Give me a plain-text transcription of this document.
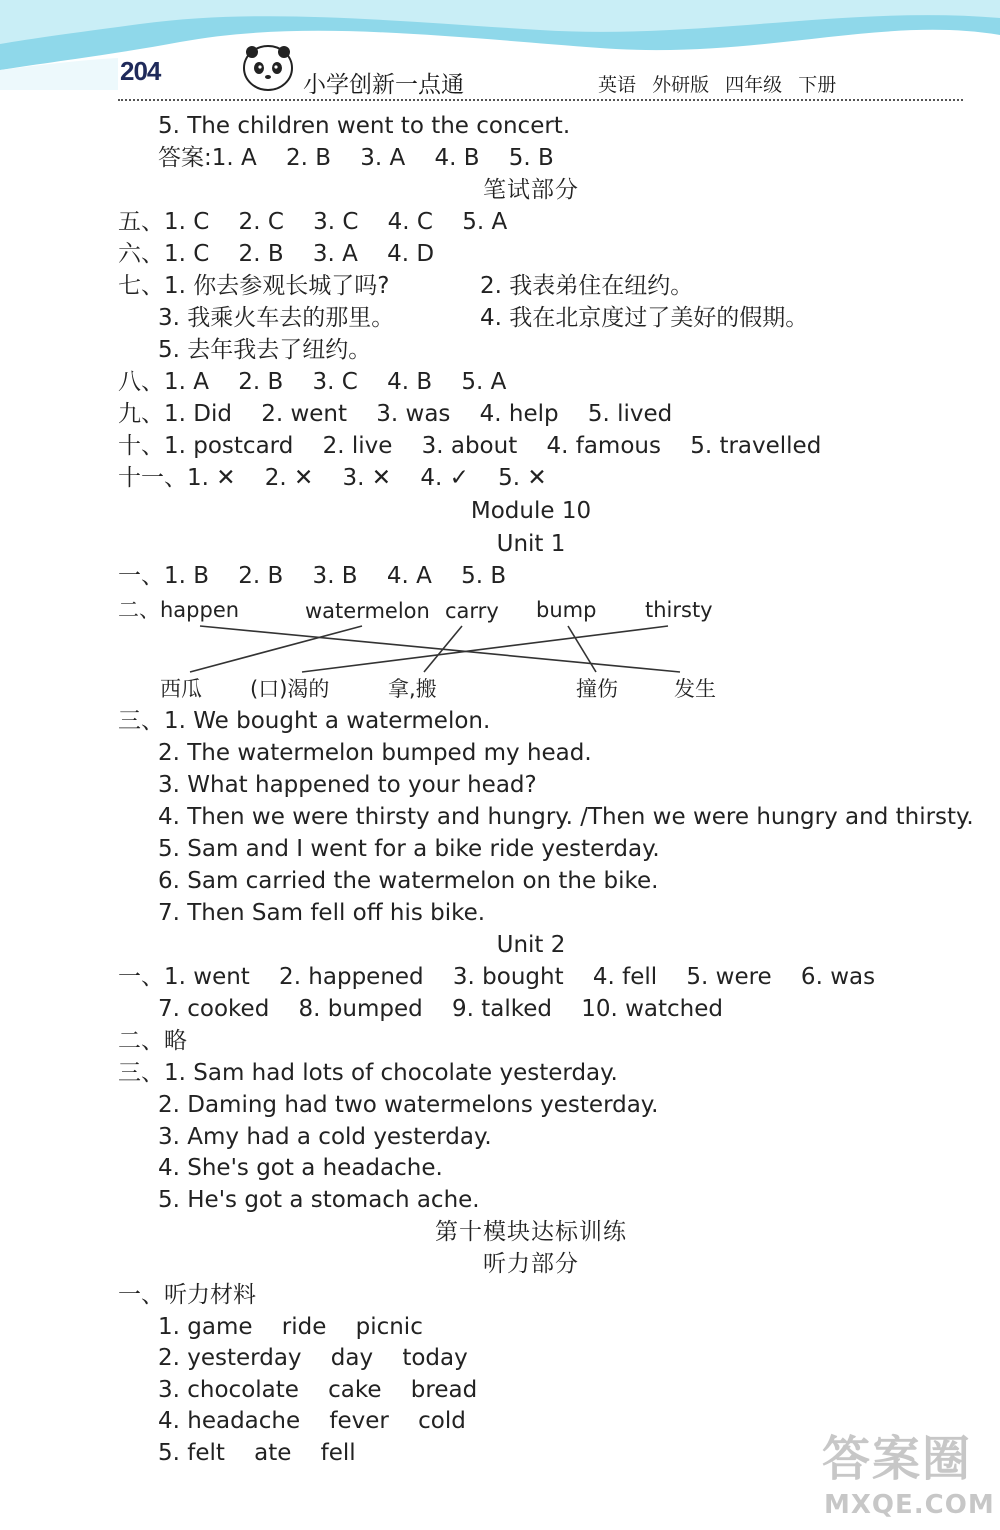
204	小学创新一点通	英语 外研版 四年级 下册
5. The children went to the concert.
答案:1. A    2. B    3. A    4. B    5. B
笔试部分
五、1. C    2. C    3. C    4. C    5. A
六、1. C    2. B    3. A    4. D
七、1. 你去参观长城了吗?	2. 我表弟住在纽约。
3. 我乘火车去的那里。	4. 我在北京度过了美好的假期。
5. 去年我去了纽约。
八、1. A    2. B    3. C    4. B    5. A
九、1. Did    2. went    3. was    4. help    5. lived
十、1. postcard    2. live    3. about    4. famous    5. travelled
十一、1. ✕    2. ✕    3. ✕    4. ✓    5. ✕
Module 10
Unit 1
一、1. B    2. B    3. B    4. A    5. B
二、 happen	watermelon carry bump thirsty
西瓜 (口)渴的	拿,搬	撞伤	发生
三、1. We bought a watermelon.
2. The watermelon bumped my head.
3. What happened to your head?
4. Then we were thirsty and hungry. /Then we were hungry and thirsty.
5. Sam and I went for a bike ride yesterday.
6. Sam carried the watermelon on the bike.
7. Then Sam fell off his bike.
Unit 2
一、1. went    2. happened    3. bought    4. fell    5. were    6. was
7. cooked    8. bumped    9. talked    10. watched
二、略
三、1. Sam had lots of chocolate yesterday.
2. Daming had two watermelons yesterday.
3. Amy had a cold yesterday.
4. She's got a headache.
5. He's got a stomach ache.
第十模块达标训练
听力部分
一、听力材料
1. game    ride    picnic
2. yesterday    day    today
3. chocolate    cake    bread
4. headache    fever    cold
5. felt    ate    fell	答案圈
MXQE.COM
